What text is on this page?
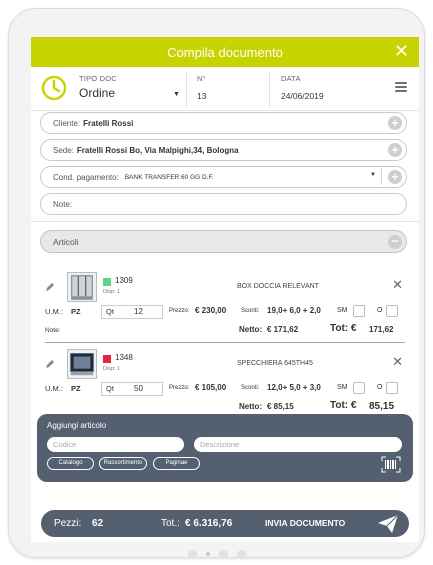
Compila documento	✕
TIPO DOC
Ordine	▼
N°
13
DATA
24/06/2019
Cliente: Fratelli Rossi	+
Sede: Fratelli Rossi Bo, Via Malpighi,34, Bologna	+
Cond. pagamento: BANK TRANSFER 60 GG D.F.	▼ +
Note:
Articoli	−
1309
Disp: 1
BOX DOCCIA RELEVANT	✕
U.M.: PZ	Qt	12	Prezzo: € 230,00 Sconti: 19,0+ 6,0 + 2,0 SM	O
Note:	Netto: € 171,62	Tot: € 171,62
1348
Disp: 1
SPECCHIERA 645TH45	✕
U.M.: PZ	Qt	50	Prezzo: € 105,00 Sconti: 12,0+ 5,0 + 3,0 SM	O
Netto: € 85,15	Tot: € 85,15
Aggiungi articolo
Codice
Descrizione
Catalogo	Rassortimento	Paginae
Pezzi: 62	Tot.: € 6.316,76	INVIA DOCUMENTO
